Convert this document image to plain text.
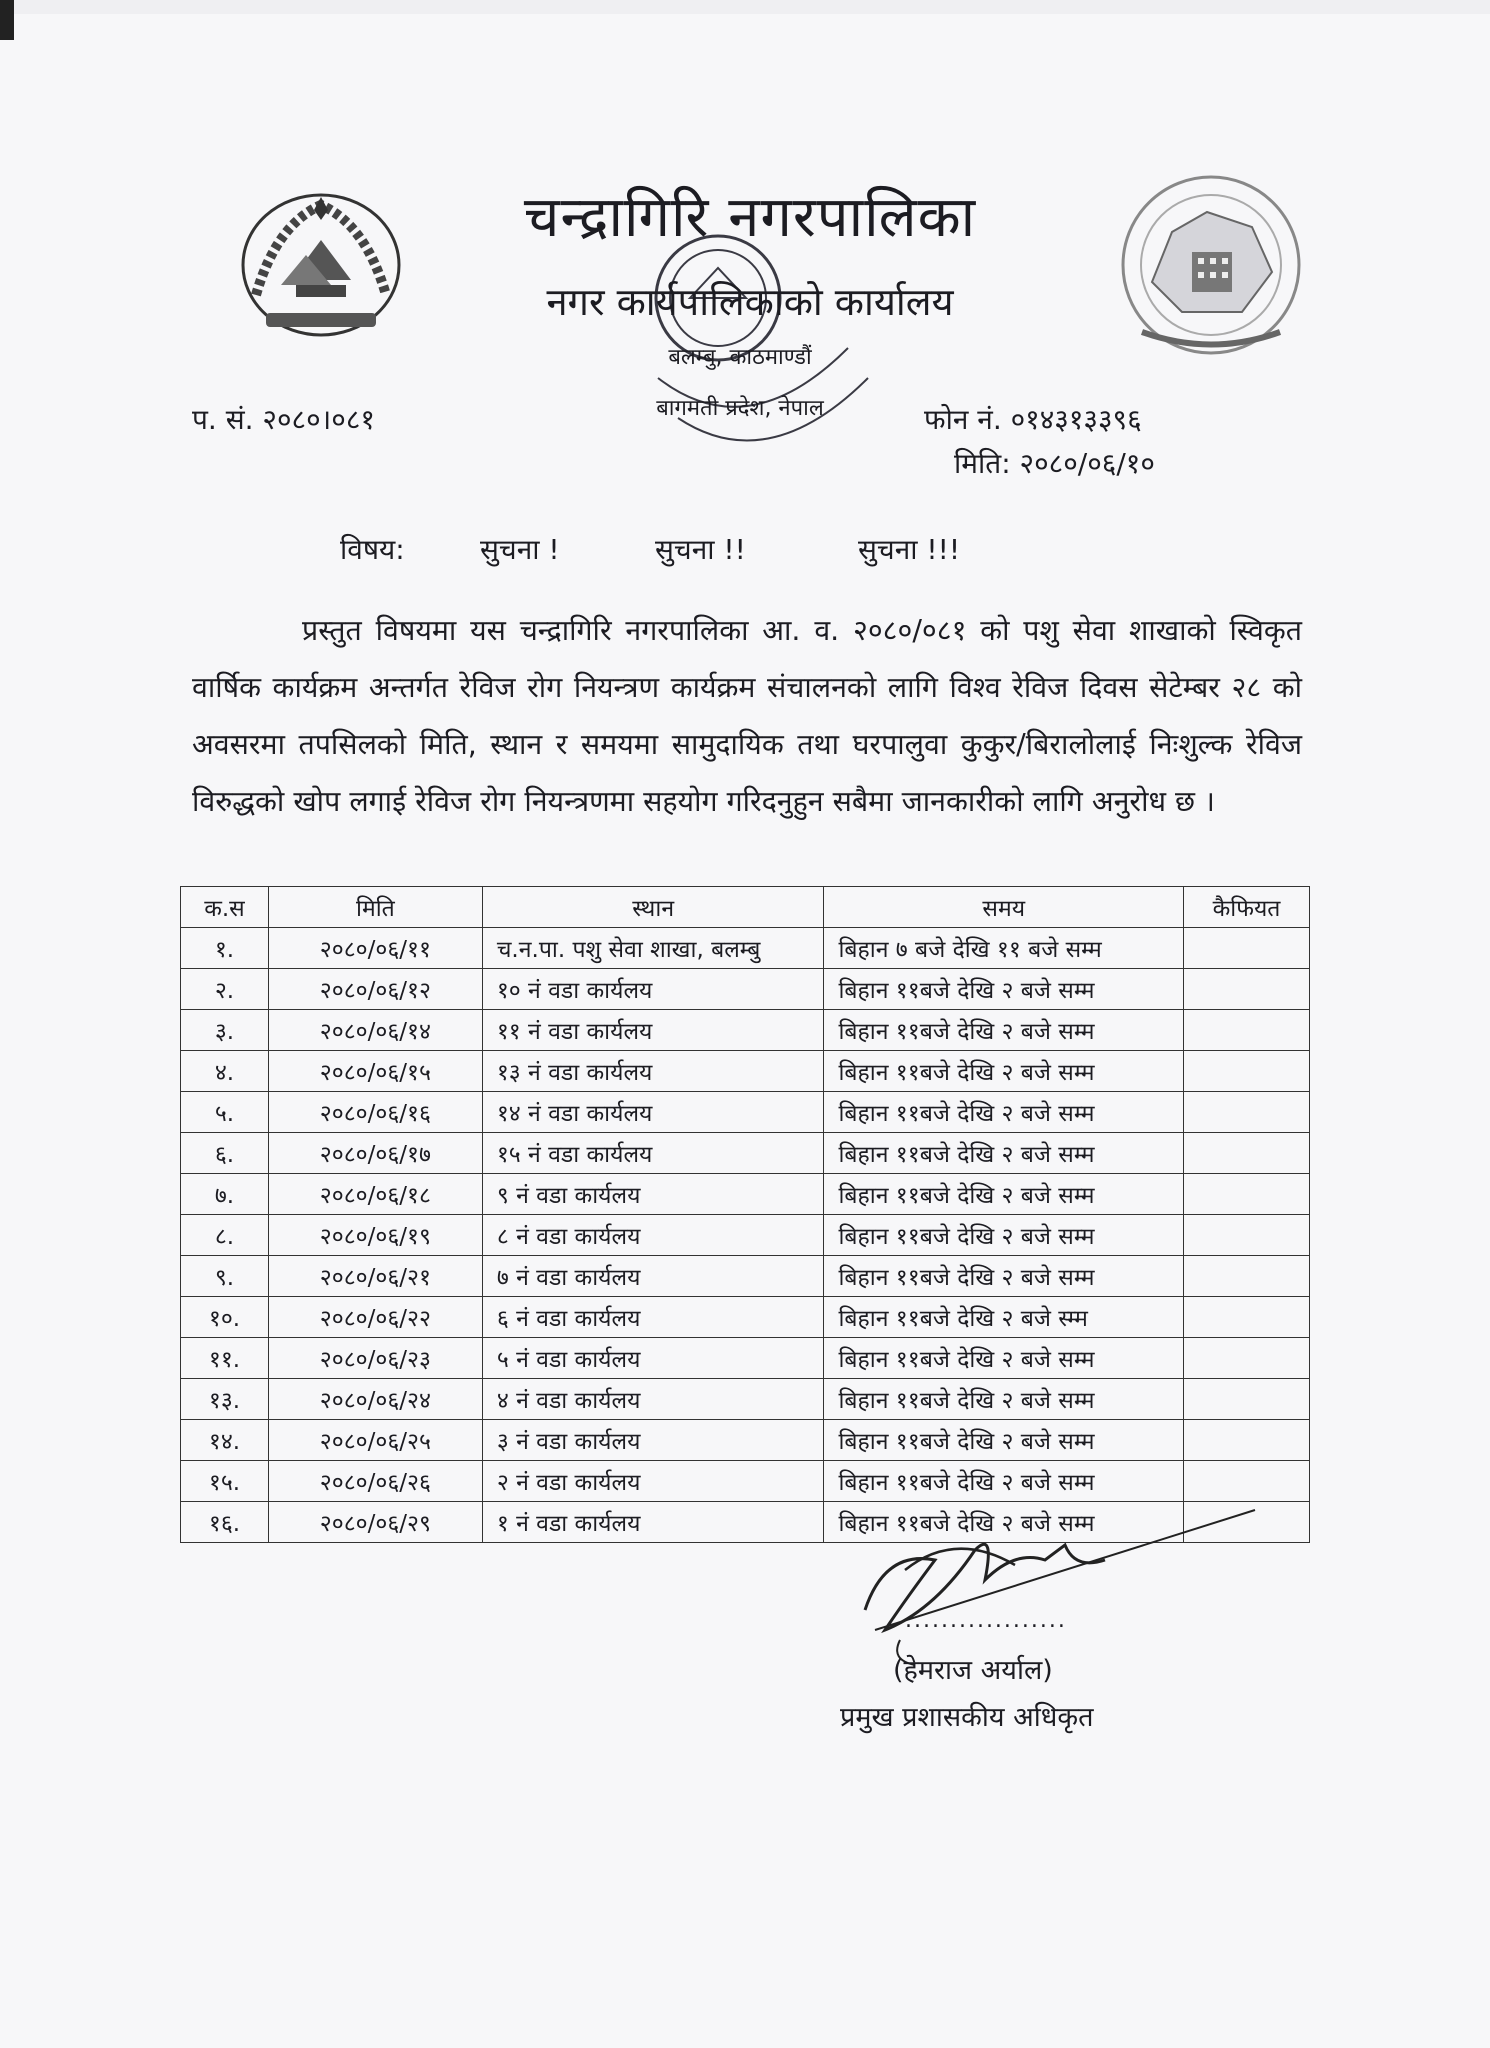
चन्द्रागिरि नगरपालिका
नगर कार्यपालिकाको कार्यालय
बलम्बु, काठमाण्डौं
बागमती प्रदेश, नेपाल
प. सं. २०८०।०८१	फोन नं. ०१४३१३३९६
मिति: २०८०/०६/१०
विषय:	सुचना !	सुचना !!	सुचना !!!
प्रस्तुत विषयमा यस चन्द्रागिरि नगरपालिका आ. व. २०८०/०८१ को पशु सेवा शाखाको स्विकृत वार्षिक कार्यक्रम अन्तर्गत रेविज रोग नियन्त्रण कार्यक्रम संचालनको लागि विश्व रेविज दिवस सेटेम्बर २८ को अवसरमा तपसिलको मिति, स्थान र समयमा सामुदायिक तथा घरपालुवा कुकुर/बिरालोलाई निःशुल्क रेविज विरुद्धको खोप लगाई रेविज रोग नियन्त्रणमा सहयोग गरिदनुहुन सबैमा जानकारीको लागि अनुरोध छ ।
क.स	मिति	स्थान	समय	कैफियत
१.	२०८०/०६/११	च.न.पा. पशु सेवा शाखा, बलम्बु	बिहान ७ बजे देखि ११ बजे सम्म	
२.	२०८०/०६/१२	१० नं वडा कार्यलय	बिहान ११बजे देखि २ बजे सम्म	
३.	२०८०/०६/१४	११ नं वडा कार्यलय	बिहान ११बजे देखि २ बजे सम्म	
४.	२०८०/०६/१५	१३ नं वडा कार्यलय	बिहान ११बजे देखि २ बजे सम्म	
५.	२०८०/०६/१६	१४ नं वडा कार्यलय	बिहान ११बजे देखि २ बजे सम्म	
६.	२०८०/०६/१७	१५ नं वडा कार्यलय	बिहान ११बजे देखि २ बजे सम्म	
७.	२०८०/०६/१८	९ नं वडा कार्यलय	बिहान ११बजे देखि २ बजे सम्म	
८.	२०८०/०६/१९	८ नं वडा कार्यलय	बिहान ११बजे देखि २ बजे सम्म	
९.	२०८०/०६/२१	७ नं वडा कार्यलय	बिहान ११बजे देखि २ बजे सम्म	
१०.	२०८०/०६/२२	६ नं वडा कार्यलय	बिहान ११बजे देखि २ बजे स्म्म	
११.	२०८०/०६/२३	५ नं वडा कार्यलय	बिहान ११बजे देखि २ बजे सम्म	
१३.	२०८०/०६/२४	४ नं वडा कार्यलय	बिहान ११बजे देखि २ बजे सम्म	
१४.	२०८०/०६/२५	३ नं वडा कार्यलय	बिहान ११बजे देखि २ बजे सम्म	
१५.	२०८०/०६/२६	२ नं वडा कार्यलय	बिहान ११बजे देखि २ बजे सम्म	
१६.	२०८०/०६/२९	१ नं वडा कार्यलय	बिहान ११बजे देखि २ बजे सम्म	
..................
(हेमराज अर्याल)
प्रमुख प्रशासकीय अधिकृत
